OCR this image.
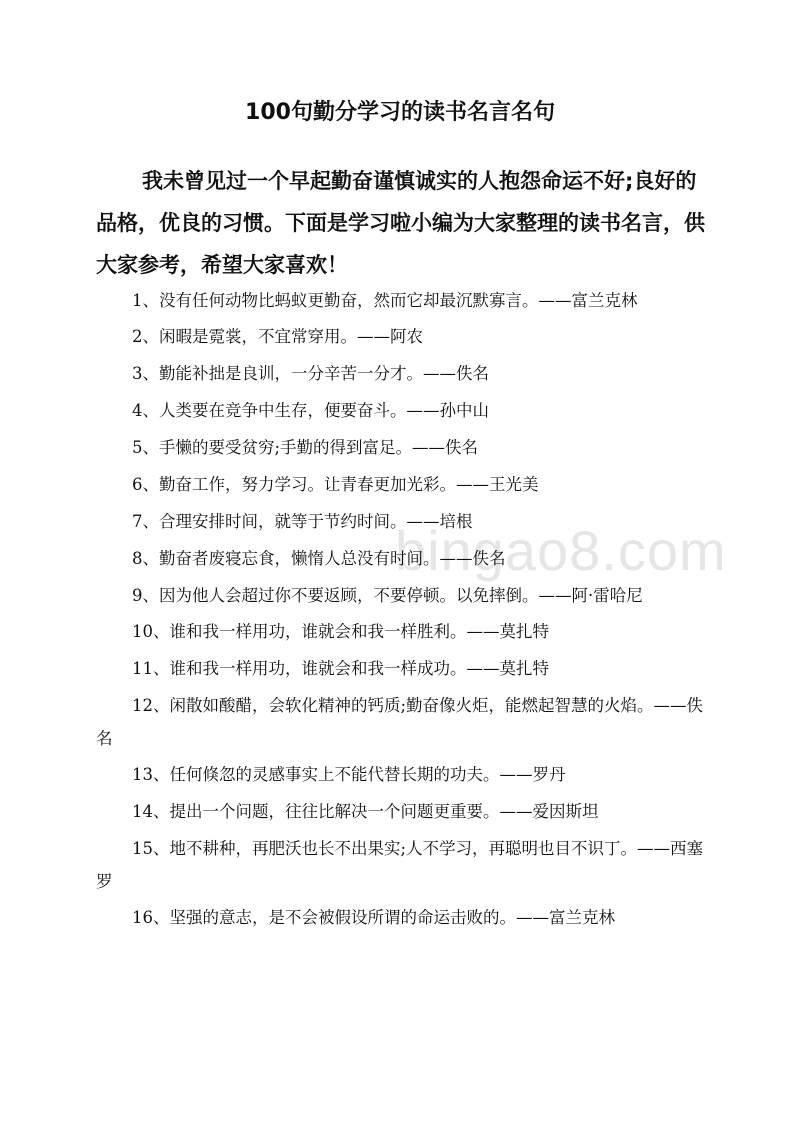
bingao8.com
100句勤分学习的读书名言名句

我未曾见过一个早起勤奋谨慎诚实的人抱怨命运不好;良好的品格，优良的习惯。下面是学习啦小编为大家整理的读书名言，供大家参考，希望大家喜欢！

1、没有任何动物比蚂蚁更勤奋，然而它却最沉默寡言。——富兰克林
2、闲暇是霓裳，不宜常穿用。——阿农
3、勤能补拙是良训，一分辛苦一分才。——佚名
4、人类要在竞争中生存，便要奋斗。——孙中山
5、手懒的要受贫穷;手勤的得到富足。——佚名
6、勤奋工作，努力学习。让青春更加光彩。——王光美
7、合理安排时间，就等于节约时间。——培根
8、勤奋者废寝忘食，懒惰人总没有时间。——佚名
9、因为他人会超过你不要返顾，不要停顿。以免摔倒。——阿·雷哈尼
10、谁和我一样用功，谁就会和我一样胜利。——莫扎特
11、谁和我一样用功，谁就会和我一样成功。——莫扎特
12、闲散如酸醋，会软化精神的钙质;勤奋像火炬，能燃起智慧的火焰。——佚名
13、任何倏忽的灵感事实上不能代替长期的功夫。——罗丹
14、提出一个问题，往往比解决一个问题更重要。——爱因斯坦
15、地不耕种，再肥沃也长不出果实;人不学习，再聪明也目不识丁。——西塞罗
16、坚强的意志，是不会被假设所谓的命运击败的。——富兰克林
